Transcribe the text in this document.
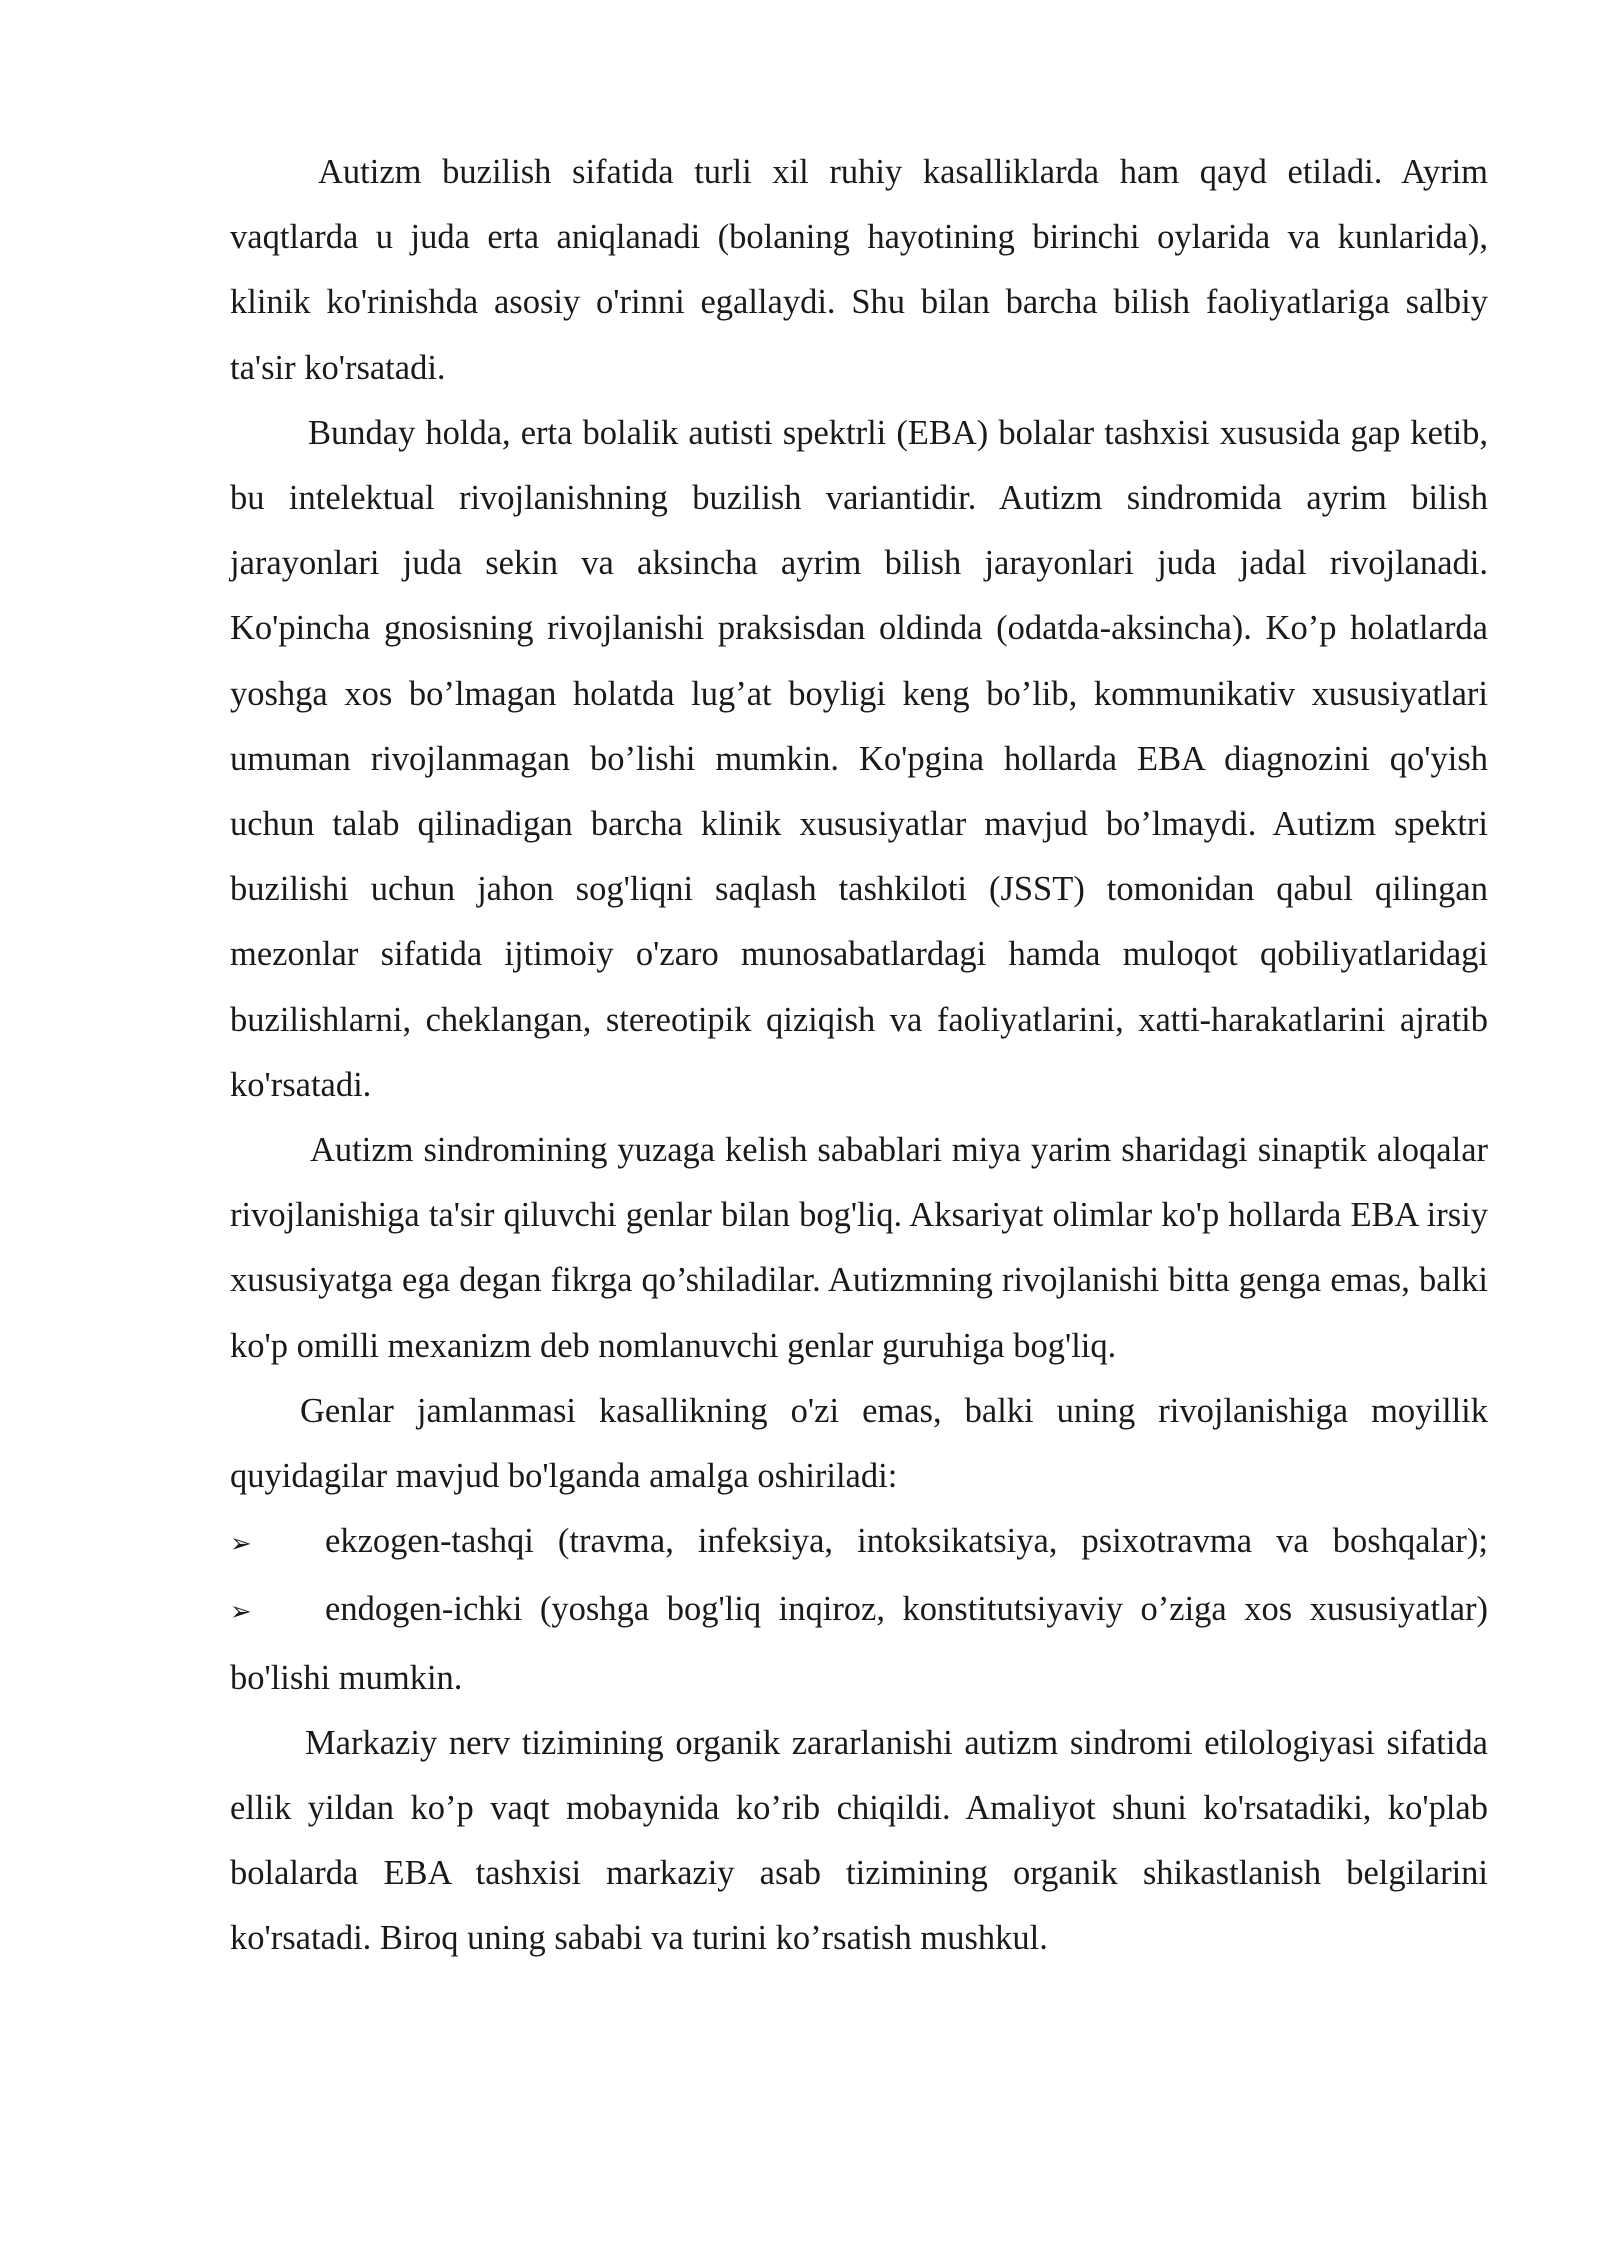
Autizm buzilish sifatida turli xil ruhiy kasalliklarda ham qayd etiladi. Ayrim vaqtlarda u juda erta aniqlanadi (bolaning hayotining birinchi oylarida va kunlarida), klinik ko'rinishda asosiy o'rinni egallaydi. Shu bilan barcha bilish faoliyatlariga salbiy ta'sir ko'rsatadi.

Bunday holda, erta bolalik autisti spektrli (EBA) bolalar tashxisi xususida gap ketib, bu intelektual rivojlanishning buzilish variantidir. Autizm sindromida ayrim bilish jarayonlari juda sekin va aksincha ayrim bilish jarayonlari juda jadal rivojlanadi. Ko'pincha gnosisning rivojlanishi praksisdan oldinda (odatda-aksincha). Ko’p holatlarda yoshga xos bo’lmagan holatda lug’at boyligi keng bo’lib, kommunikativ xususiyatlari umuman rivojlanmagan bo’lishi mumkin. Ko'pgina hollarda EBA diagnozini qo'yish uchun talab qilinadigan barcha klinik xususiyatlar mavjud bo’lmaydi. Autizm spektri buzilishi uchun jahon sog'liqni saqlash tashkiloti (JSST) tomonidan qabul qilingan mezonlar sifatida ijtimoiy o'zaro munosabatlardagi hamda muloqot qobiliyatlaridagi buzilishlarni, cheklangan, stereotipik qiziqish va faoliyatlarini, xatti-harakatlarini ajratib ko'rsatadi.

Autizm sindromining yuzaga kelish sabablari miya yarim sharidagi sinaptik aloqalar rivojlanishiga ta'sir qiluvchi genlar bilan bog'liq. Aksariyat olimlar ko'p hollarda EBA irsiy xususiyatga ega degan fikrga qo’shiladilar. Autizmning rivojlanishi bitta genga emas, balki ko'p omilli mexanizm deb nomlanuvchi genlar guruhiga bog'liq.

Genlar jamlanmasi kasallikning o'zi emas, balki uning rivojlanishiga moyillik quyidagilar mavjud bo'lganda amalga oshiriladi:

➢ ekzogen-tashqi (travma, infeksiya, intoksikatsiya, psixotravma va boshqalar);

➢ endogen-ichki (yoshga bog'liq inqiroz, konstitutsiyaviy o’ziga xos xususiyatlar) bo'lishi mumkin.

Markaziy nerv tizimining organik zararlanishi autizm sindromi etilologiyasi sifatida ellik yildan ko’p vaqt mobaynida ko’rib chiqildi. Amaliyot shuni ko'rsatadiki, ko'plab bolalarda EBA tashxisi markaziy asab tizimining organik shikastlanish belgilarini ko'rsatadi. Biroq uning sababi va turini ko’rsatish mushkul.
